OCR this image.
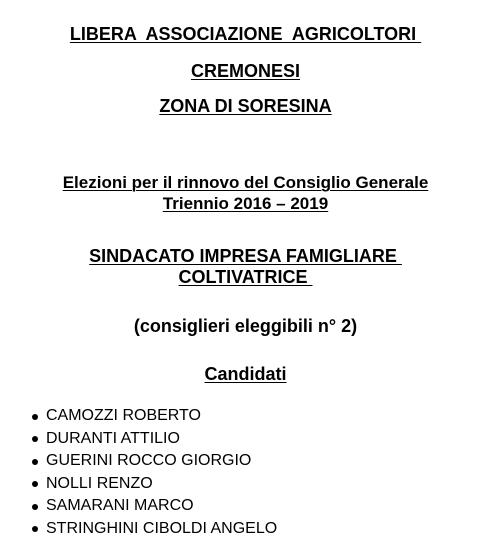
LIBERA  ASSOCIAZIONE  AGRICOLTORI
CREMONESI
ZONA DI SORESINA
Elezioni per il rinnovo del Consiglio Generale
Triennio 2016 – 2019
SINDACATO IMPRESA FAMIGLIARE
COLTIVATRICE
(consiglieri eleggibili n° 2)
Candidati
CAMOZZI ROBERTO
DURANTI ATTILIO
GUERINI ROCCO GIORGIO
NOLLI RENZO
SAMARANI MARCO
STRINGHINI CIBOLDI ANGELO
